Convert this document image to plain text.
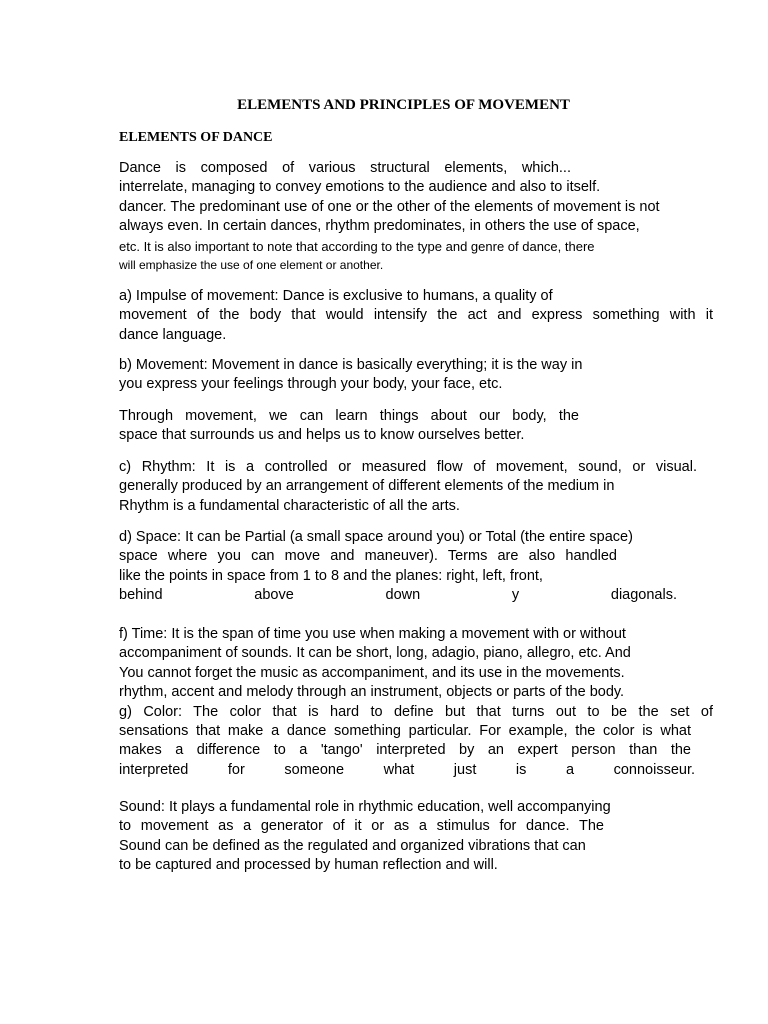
ELEMENTS AND PRINCIPLES OF MOVEMENT
ELEMENTS OF DANCE
Dance is composed of various structural elements, which...
interrelate, managing to convey emotions to the audience and also to itself.
dancer. The predominant use of one or the other of the elements of movement is not
always even. In certain dances, rhythm predominates, in others the use of space,
etc. It is also important to note that according to the type and genre of dance, there
will emphasize the use of one element or another.
a) Impulse of movement: Dance is exclusive to humans, a quality of
movement of the body that would intensify the act and express something with it
dance language.
b) Movement: Movement in dance is basically everything; it is the way in
you express your feelings through your body, your face, etc.
Through movement, we can learn things about our body, the
space that surrounds us and helps us to know ourselves better.
c) Rhythm: It is a controlled or measured flow of movement, sound, or visual.
generally produced by an arrangement of different elements of the medium in
Rhythm is a fundamental characteristic of all the arts.
d) Space: It can be Partial (a small space around you) or Total (the entire space)
space where you can move and maneuver). Terms are also handled
like the points in space from 1 to 8 and the planes: right, left, front,
behind above down y diagonals.
f) Time: It is the span of time you use when making a movement with or without
accompaniment of sounds. It can be short, long, adagio, piano, allegro, etc. And
You cannot forget the music as accompaniment, and its use in the movements.
rhythm, accent and melody through an instrument, objects or parts of the body.
g) Color: The color that is hard to define but that turns out to be the set of
sensations that make a dance something particular. For example, the color is what
makes a difference to a 'tango' interpreted by an expert person than the
interpreted for someone what just is a connoisseur.
Sound: It plays a fundamental role in rhythmic education, well accompanying
to movement as a generator of it or as a stimulus for dance. The
Sound can be defined as the regulated and organized vibrations that can
to be captured and processed by human reflection and will.
